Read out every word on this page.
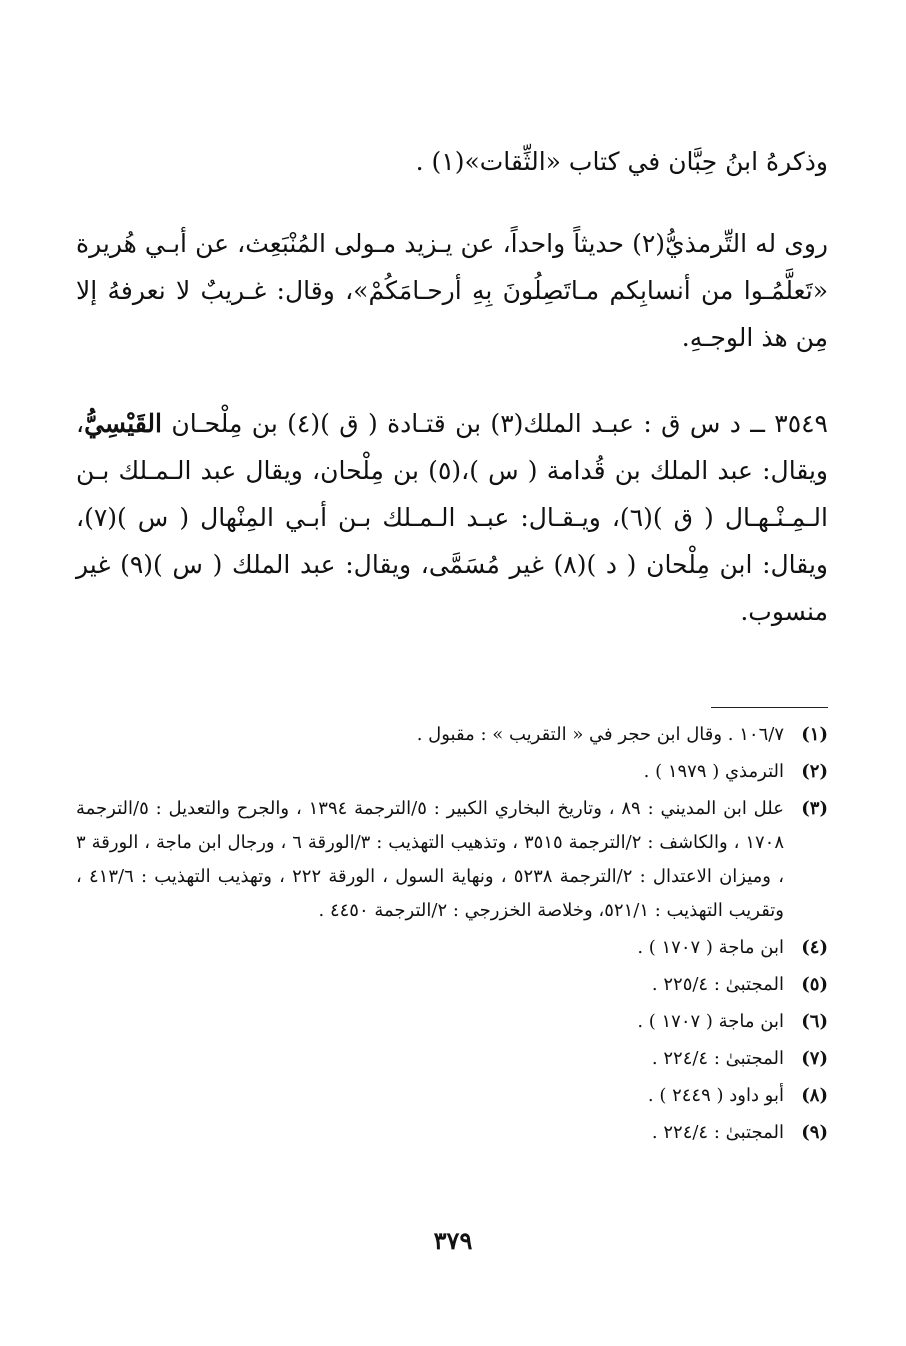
وذكرهُ ابنُ حِبَّان في كتاب «الثِّقات»(١) .

روى له التِّرمذيُّ(٢) حديثاً واحداً، عن يـزيد مـولى المُنْبَعِث، عن أبـي هُريرة «تَعلَّمُـوا من أنسابِكم مـاتَصِلُونَ بِهِ أرحـامَكُمْ»، وقال: غـريبٌ لا نعرفهُ إلا مِن هذ الوجـهِ.

٣٥٤٩ ــ د س ق : عبـد الملك(٣) بن قتـادة ( ق )(٤) بن مِلْحـان القَيْسِيُّ، ويقال: عبد الملك بن قُدامة ( س )،(٥) بن مِلْحان، ويقال عبد الـمـلك بـن الـمِـنْـهـال ( ق )(٦)، ويـقـال: عبـد الـمـلك بـن أبـي المِنْهال ( س )(٧)، ويقال: ابن مِلْحان ( د )(٨) غير مُسَمَّى، ويقال: عبد الملك ( س )(٩) غير منسوب.

(١)
١٠٦/٧ . وقال ابن حجر في « التقريب » : مقبول .
(٢)
الترمذي ( ١٩٧٩ ) .
(٣)
علل ابن المديني : ٨٩ ، وتاريخ البخاري الكبير : ٥/الترجمة ١٣٩٤ ، والجرح والتعديل : ٥/الترجمة ١٧٠٨ ، والكاشف : ٢/الترجمة ٣٥١٥ ، وتذهيب التهذيب : ٣/الورقة ٦ ، ورجال ابن ماجة ، الورقة ٣ ، وميزان الاعتدال : ٢/الترجمة ٥٢٣٨ ، ونهاية السول ، الورقة ٢٢٢ ، وتهذيب التهذيب : ٤١٣/٦ ، وتقريب التهذيب : ٥٢١/١، وخلاصة الخزرجي : ٢/الترجمة ٤٤٥٠ .
(٤)
ابن ماجة ( ١٧٠٧ ) .
(٥)
المجتبىٰ : ٢٢٥/٤ .
(٦)
ابن ماجة ( ١٧٠٧ ) .
(٧)
المجتبىٰ : ٢٢٤/٤ .
(٨)
أبو داود ( ٢٤٤٩ ) .
(٩)
المجتبىٰ : ٢٢٤/٤ .

٣٧٩
